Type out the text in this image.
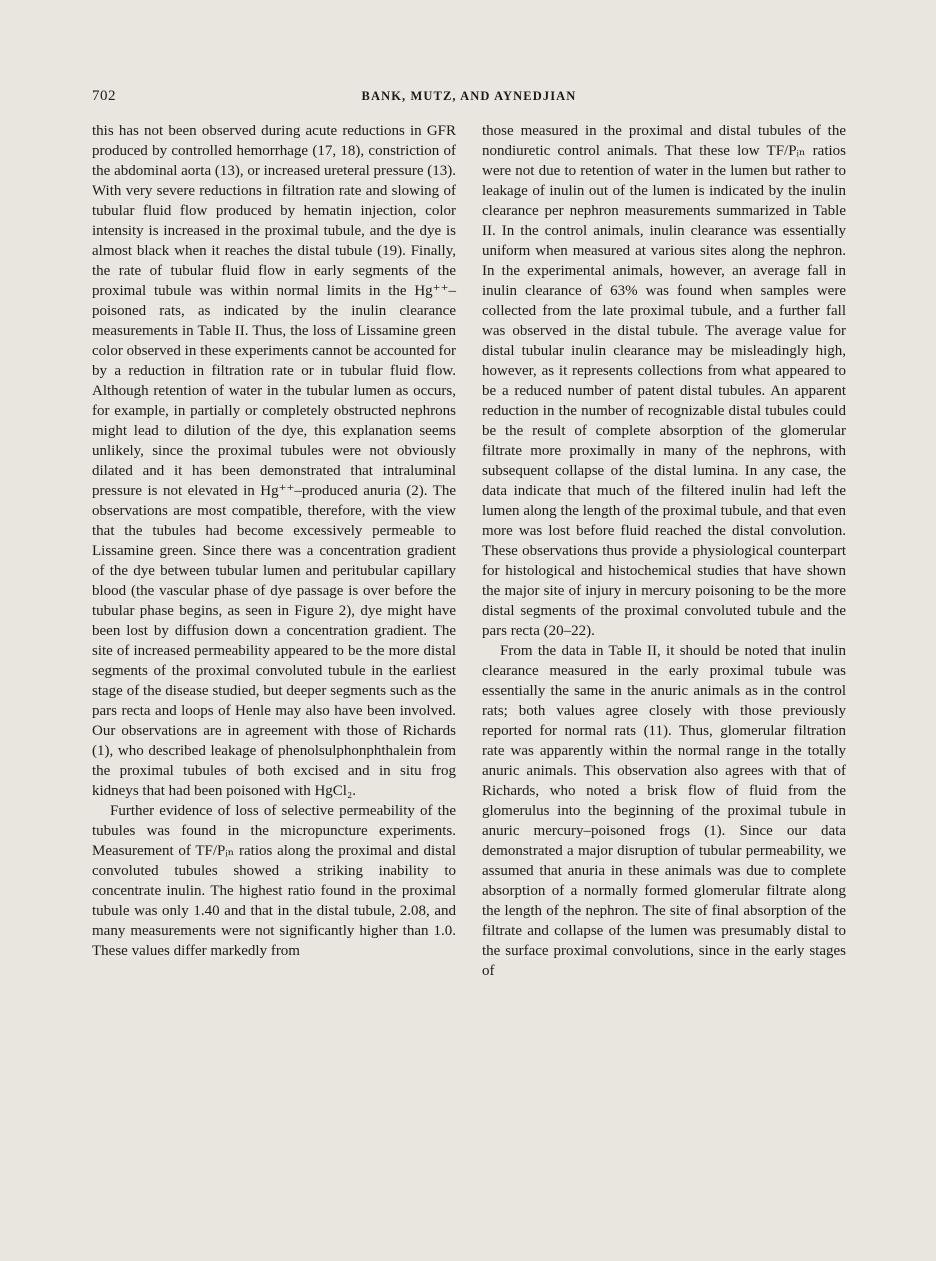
702	BANK, MUTZ, AND AYNEDJIAN

this has not been observed during acute reductions in GFR produced by controlled hemorrhage (17, 18), constriction of the abdominal aorta (13), or increased ureteral pressure (13). With very severe reductions in filtration rate and slowing of tubular fluid flow produced by hematin injection, color intensity is increased in the proximal tubule, and the dye is almost black when it reaches the distal tubule (19). Finally, the rate of tubular fluid flow in early segments of the proximal tubule was within normal limits in the Hg⁺⁺–poisoned rats, as indicated by the inulin clearance measurements in Table II. Thus, the loss of Lissamine green color observed in these experiments cannot be accounted for by a reduction in filtration rate or in tubular fluid flow. Although retention of water in the tubular lumen as occurs, for example, in partially or completely obstructed nephrons might lead to dilution of the dye, this explanation seems unlikely, since the proximal tubules were not obviously dilated and it has been demonstrated that intraluminal pressure is not elevated in Hg⁺⁺–produced anuria (2). The observations are most compatible, therefore, with the view that the tubules had become excessively permeable to Lissamine green. Since there was a concentration gradient of the dye between tubular lumen and peritubular capillary blood (the vascular phase of dye passage is over before the tubular phase begins, as seen in Figure 2), dye might have been lost by diffusion down a concentration gradient. The site of increased permeability appeared to be the more distal segments of the proximal convoluted tubule in the earliest stage of the disease studied, but deeper segments such as the pars recta and loops of Henle may also have been involved. Our observations are in agreement with those of Richards (1), who described leakage of phenolsulphonphthalein from the proximal tubules of both excised and in situ frog kidneys that had been poisoned with HgCl₂.

Further evidence of loss of selective permeability of the tubules was found in the micropuncture experiments. Measurement of TF/Pᵢₙ ratios along the proximal and distal convoluted tubules showed a striking inability to concentrate inulin. The highest ratio found in the proximal tubule was only 1.40 and that in the distal tubule, 2.08, and many measurements were not significantly higher than 1.0. These values differ markedly from

those measured in the proximal and distal tubules of the nondiuretic control animals. That these low TF/Pᵢₙ ratios were not due to retention of water in the lumen but rather to leakage of inulin out of the lumen is indicated by the inulin clearance per nephron measurements summarized in Table II. In the control animals, inulin clearance was essentially uniform when measured at various sites along the nephron. In the experimental animals, however, an average fall in inulin clearance of 63% was found when samples were collected from the late proximal tubule, and a further fall was observed in the distal tubule. The average value for distal tubular inulin clearance may be misleadingly high, however, as it represents collections from what appeared to be a reduced number of patent distal tubules. An apparent reduction in the number of recognizable distal tubules could be the result of complete absorption of the glomerular filtrate more proximally in many of the nephrons, with subsequent collapse of the distal lumina. In any case, the data indicate that much of the filtered inulin had left the lumen along the length of the proximal tubule, and that even more was lost before fluid reached the distal convolution. These observations thus provide a physiological counterpart for histological and histochemical studies that have shown the major site of injury in mercury poisoning to be the more distal segments of the proximal convoluted tubule and the pars recta (20–22).

From the data in Table II, it should be noted that inulin clearance measured in the early proximal tubule was essentially the same in the anuric animals as in the control rats; both values agree closely with those previously reported for normal rats (11). Thus, glomerular filtration rate was apparently within the normal range in the totally anuric animals. This observation also agrees with that of Richards, who noted a brisk flow of fluid from the glomerulus into the beginning of the proximal tubule in anuric mercury–poisoned frogs (1). Since our data demonstrated a major disruption of tubular permeability, we assumed that anuria in these animals was due to complete absorption of a normally formed glomerular filtrate along the length of the nephron. The site of final absorption of the filtrate and collapse of the lumen was presumably distal to the surface proximal convolutions, since in the early stages of
